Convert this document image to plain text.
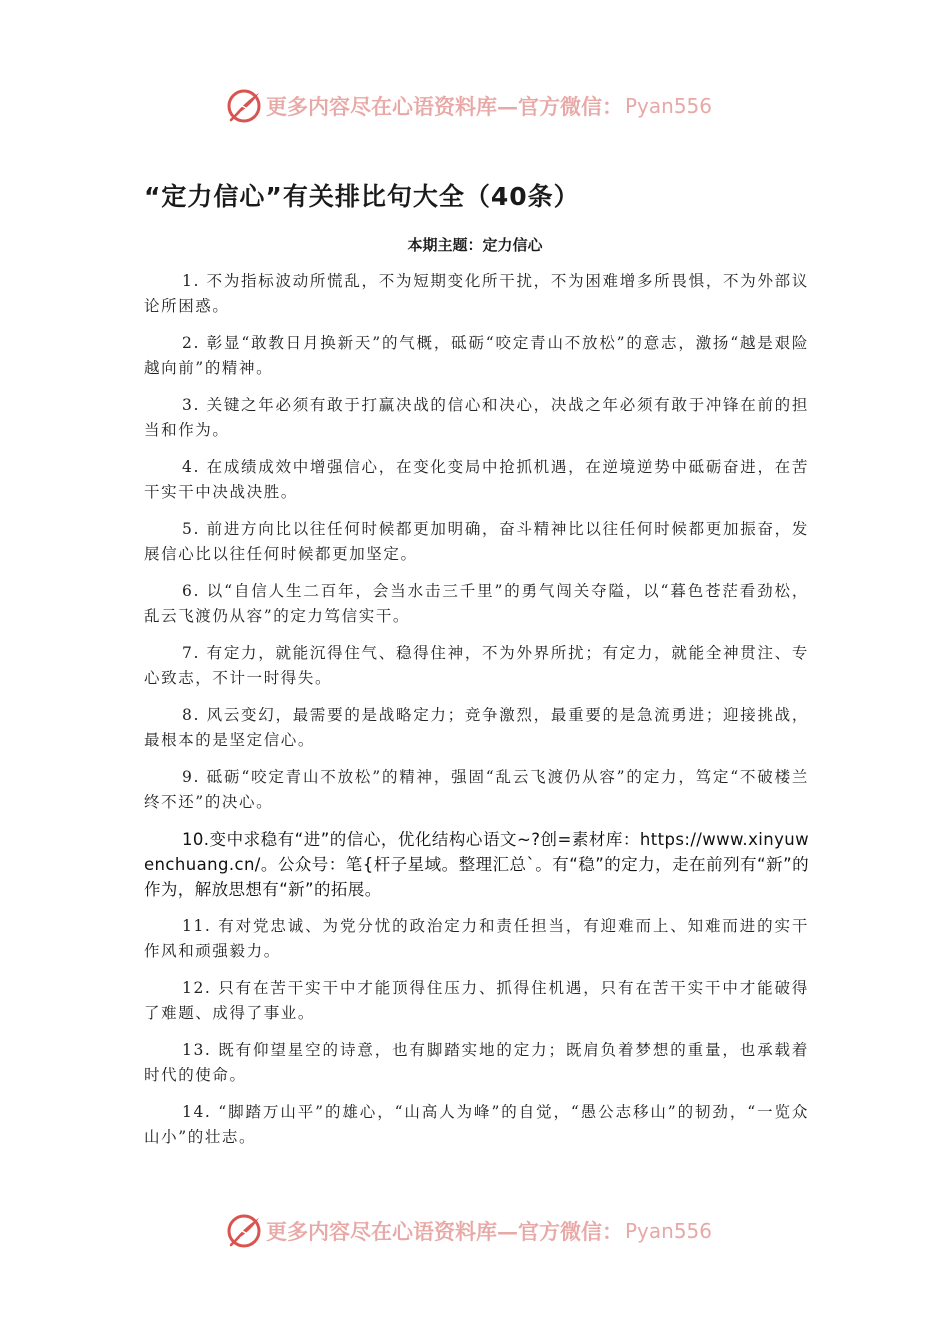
更多内容尽在心语资料库—官方微信： Pyan556
“定力信心”有关排比句大全（40条）
本期主题：定力信心

1. 不为指标波动所慌乱，不为短期变化所干扰，不为困难增多所畏惧，不为外部议论所困惑。

2. 彰显“敢教日月换新天”的气概，砥砺“咬定青山不放松”的意志，激扬“越是艰险越向前”的精神。

3. 关键之年必须有敢于打赢决战的信心和决心，决战之年必须有敢于冲锋在前的担当和作为。

4. 在成绩成效中增强信心，在变化变局中抢抓机遇，在逆境逆势中砥砺奋进，在苦干实干中决战决胜。

5. 前进方向比以往任何时候都更加明确，奋斗精神比以往任何时候都更加振奋，发展信心比以往任何时候都更加坚定。

6. 以“自信人生二百年，会当水击三千里”的勇气闯关夺隘，以“暮色苍茫看劲松，乱云飞渡仍从容”的定力笃信实干。

7. 有定力，就能沉得住气、稳得住神，不为外界所扰；有定力，就能全神贯注、专心致志，不计一时得失。

8. 风云变幻，最需要的是战略定力；竞争激烈，最重要的是急流勇进；迎接挑战，最根本的是坚定信心。

9. 砥砺“咬定青山不放松”的精神，强固“乱云飞渡仍从容”的定力，笃定“不破楼兰终不还”的决心。

10.变中求稳有“进”的信心，优化结构心语文~?创=素材库：https://www.xinyuwenchuang.cn/。公众号：笔{杆子星域。整理汇总`。有“稳”的定力，走在前列有“新”的作为，解放思想有“新”的拓展。

11. 有对党忠诚、为党分忧的政治定力和责任担当，有迎难而上、知难而进的实干作风和顽强毅力。

12. 只有在苦干实干中才能顶得住压力、抓得住机遇，只有在苦干实干中才能破得了难题、成得了事业。

13. 既有仰望星空的诗意，也有脚踏实地的定力；既肩负着梦想的重量，也承载着时代的使命。

14. “脚踏万山平”的雄心，“山高人为峰”的自觉，“愚公志移山”的韧劲，“一览众山小”的壮志。

更多内容尽在心语资料库—官方微信： Pyan556
